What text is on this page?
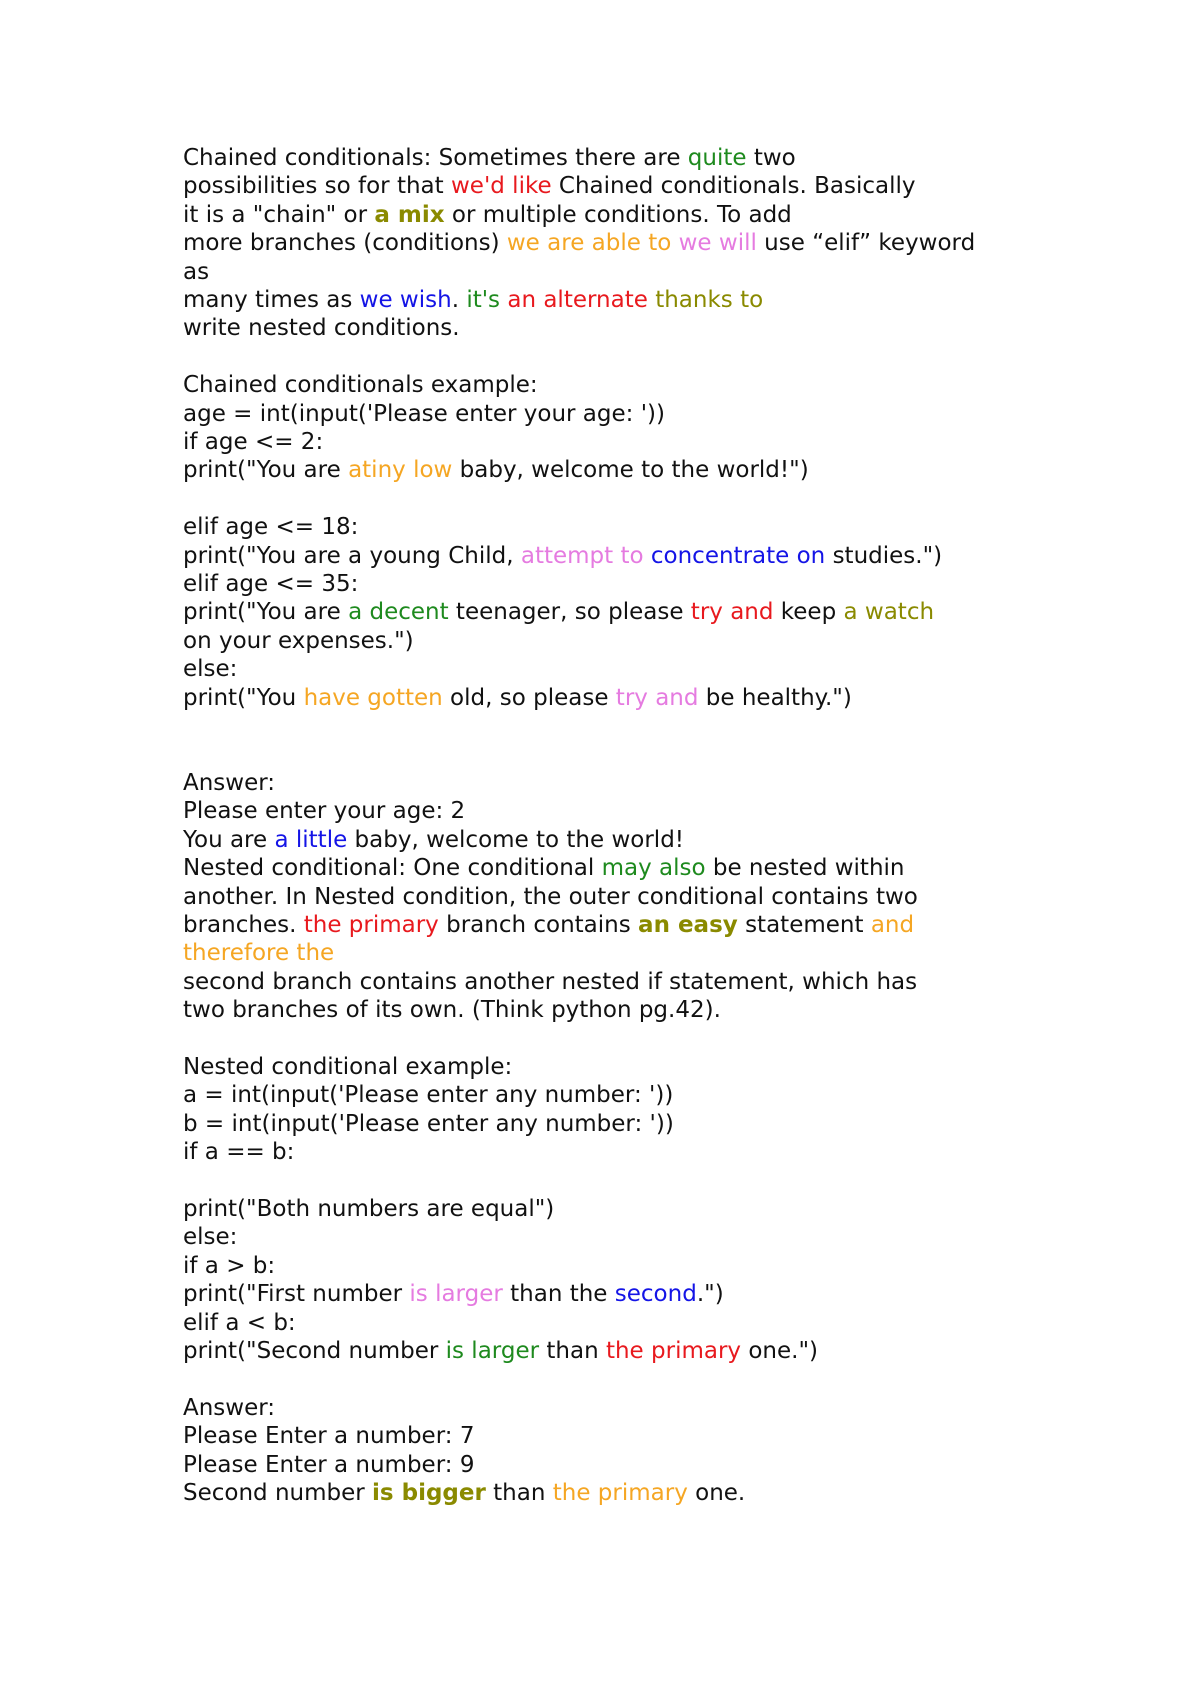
Chained conditionals: Sometimes there are quite two
possibilities so for that we'd like Chained conditionals. Basically
it is a "chain" or a mix or multiple conditions. To add
more branches (conditions) we are able to we will use “elif” keyword
as
many times as we wish. it's an alternate thanks to
write nested conditions.
Chained conditionals example:
age = int(input('Please enter your age: '))
if age <= 2:
print("You are atiny low baby, welcome to the world!")
elif age <= 18:
print("You are a young Child, attempt to concentrate on studies.")
elif age <= 35:
print("You are a decent teenager, so please try and keep a watch
on your expenses.")
else:
print("You have gotten old, so please try and be healthy.")
Answer:
Please enter your age: 2
You are a little baby, welcome to the world!
Nested conditional: One conditional may also be nested within
another. In Nested condition, the outer conditional contains two
branches. the primary branch contains an easy statement and
therefore the
second branch contains another nested if statement, which has
two branches of its own. (Think python pg.42).
Nested conditional example:
a = int(input('Please enter any number: '))
b = int(input('Please enter any number: '))
if a == b:
print("Both numbers are equal")
else:
if a > b:
print("First number is larger than the second.")
elif a < b:
print("Second number is larger than the primary one.")
Answer:
Please Enter a number: 7
Please Enter a number: 9
Second number is bigger than the primary one.
